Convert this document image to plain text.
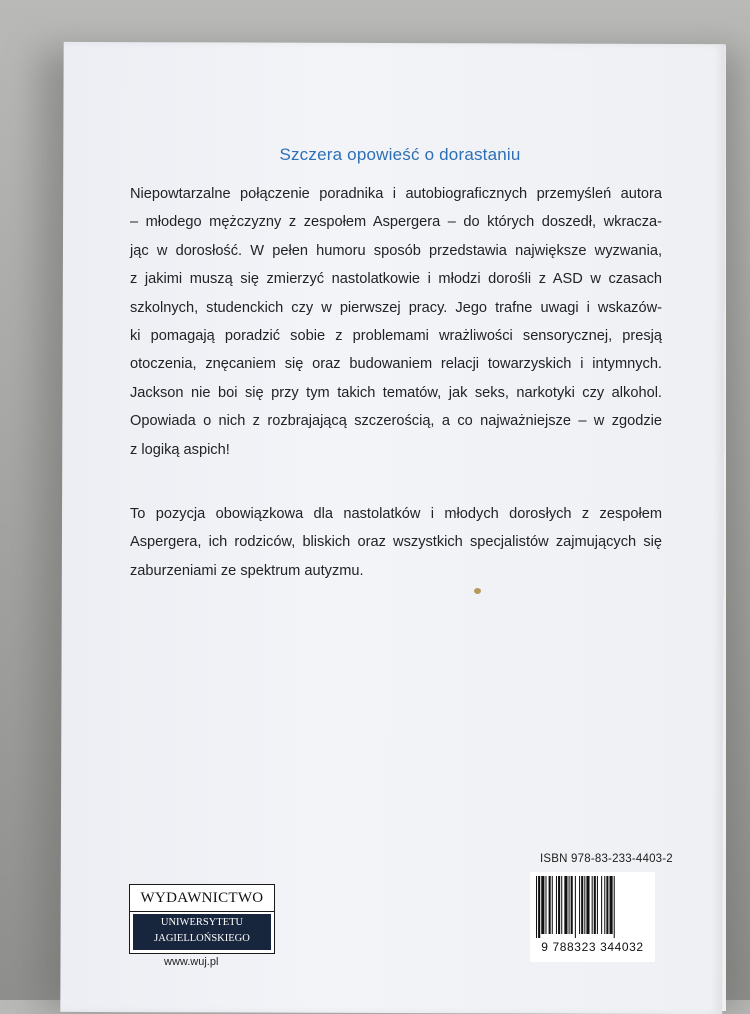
Szczera opowieść o dorastaniu
Niepowtarzalne połączenie poradnika i autobiograficznych przemyśleń autora
– młodego mężczyzny z zespołem Aspergera – do których doszedł, wkracza-
jąc w dorosłość. W pełen humoru sposób przedstawia największe wyzwania,
z jakimi muszą się zmierzyć nastolatkowie i młodzi dorośli z ASD w czasach
szkolnych, studenckich czy w pierwszej pracy. Jego trafne uwagi i wskazów-
ki pomagają poradzić sobie z problemami wrażliwości sensorycznej, presją
otoczenia, znęcaniem się oraz budowaniem relacji towarzyskich i intymnych.
Jackson nie boi się przy tym takich tematów, jak seks, narkotyki czy alkohol.
Opowiada o nich z rozbrajającą szczerością, a co najważniejsze – w zgodzie
z logiką aspich!
To pozycja obowiązkowa dla nastolatków i młodych dorosłych z zespołem
Aspergera, ich rodziców, bliskich oraz wszystkich specjalistów zajmujących się
zaburzeniami ze spektrum autyzmu.
WYDAWNICTWO
UNIWERSYTETU
JAGIELLOŃSKIEGO
www.wuj.pl
ISBN 978-83-233-4403-2
9 788323 344032
